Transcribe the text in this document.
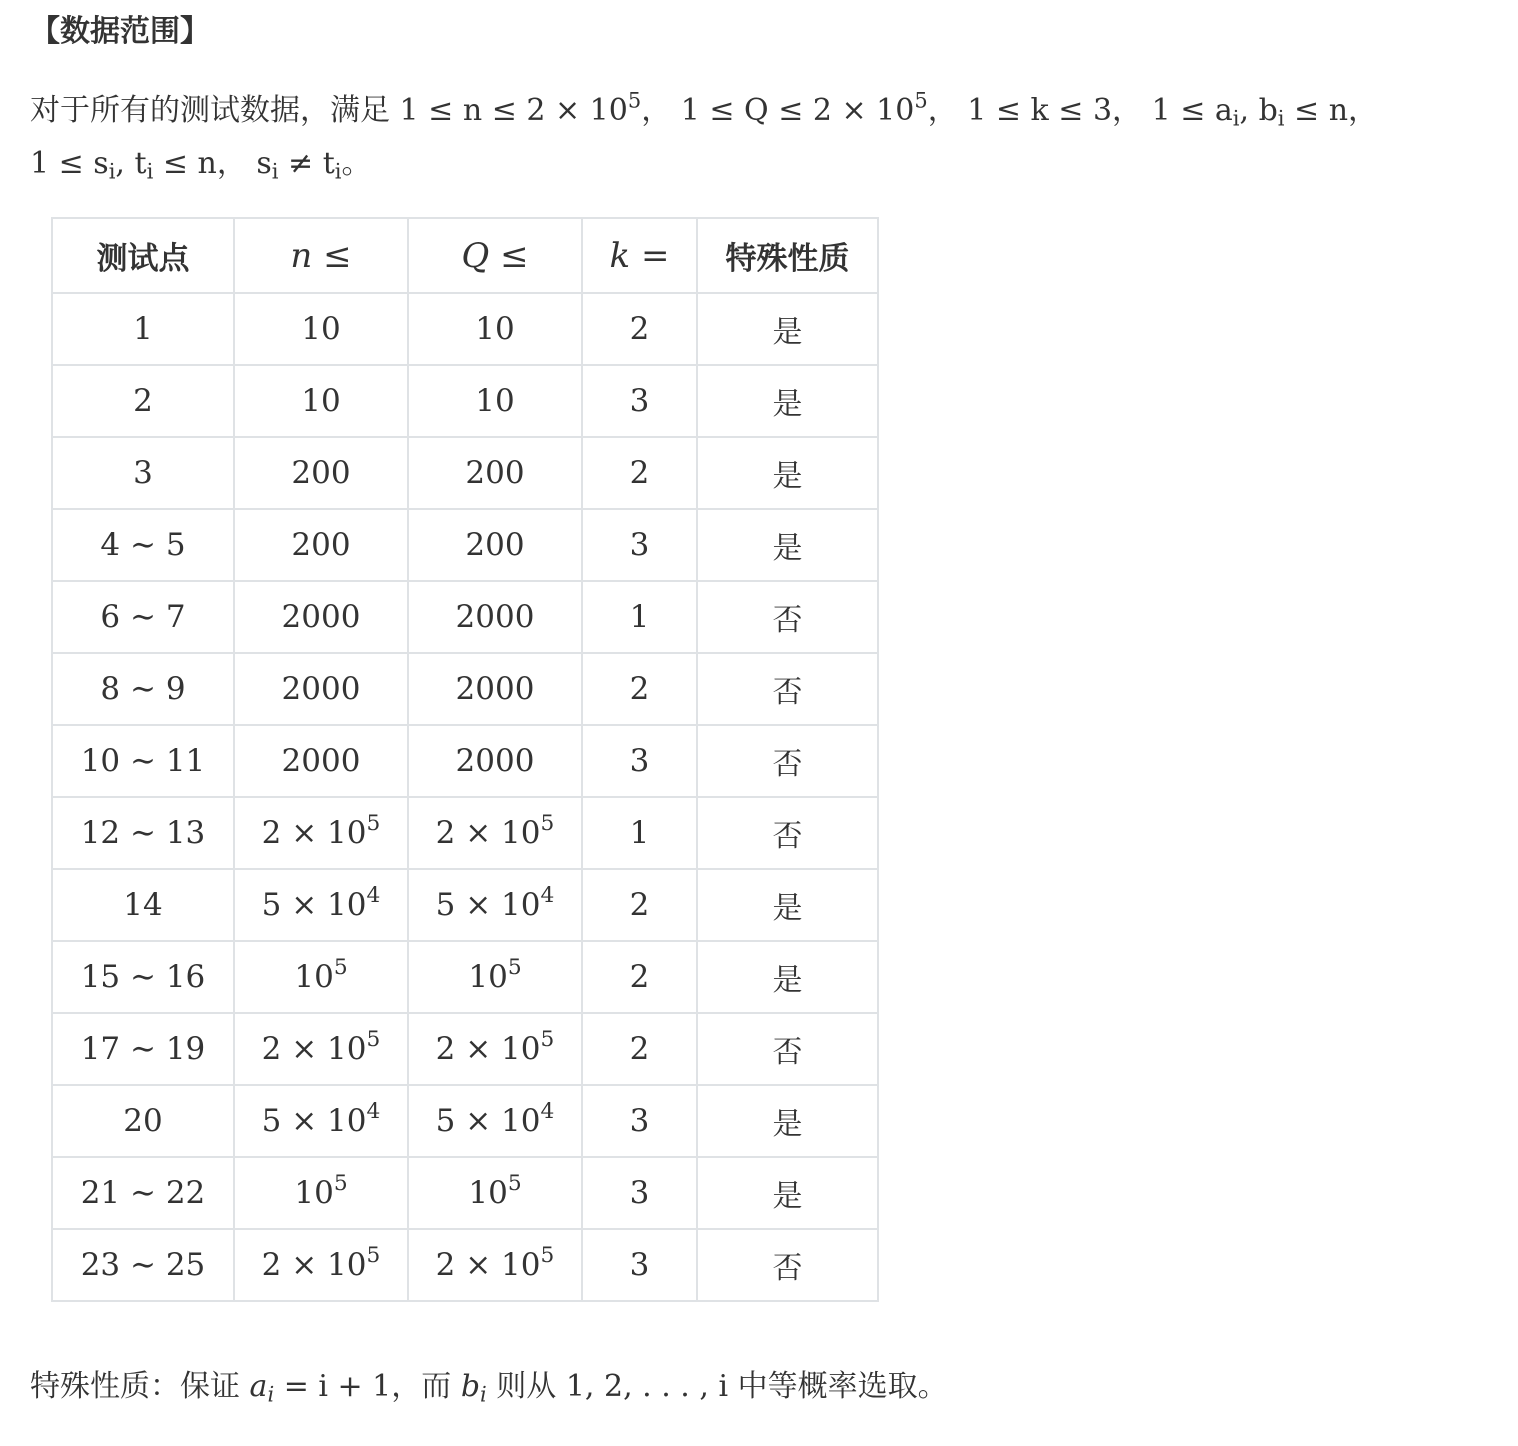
【数据范围】
对于所有的测试数据，满足 $1 \le n \le 2 \times 10^5$， $1 \le Q \le 2 \times 10^5$， 1 ≤ k ≤ 3， $1 \le a_i$, $b_i \le n$，
$1 \le s_i$, $t_i \le n$， $s_i \ne t_i$。
测试点	n ≤	Q ≤	k =	特殊性质
1	10	10	2	是
2	10	10	3	是
3	200	200	2	是
4 ∼ 5	200	200	3	是
6 ∼ 7	2000	2000	1	否
8 ∼ 9	2000	2000	2	否
10 ∼ 11	2000	2000	3	否
12 ∼ 13	$2 \times 10^5$	$2 \times 10^5$	1	否
14	$5 \times 10^4$	$5 \times 10^4$	2	是
15 ∼ 16	$10^5$	$10^5$	2	是
17 ∼ 19	$2 \times 10^5$	$2 \times 10^5$	2	否
20	$5 \times 10^4$	$5 \times 10^4$	3	是
21 ∼ 22	$10^5$	$10^5$	3	是
23 ∼ 25	$2 \times 10^5$	$2 \times 10^5$	3	否
特殊性质：保证 $a_i = i + 1$，而 $b_i$ 则从 1, 2, . . . , i 中等概率选取。
